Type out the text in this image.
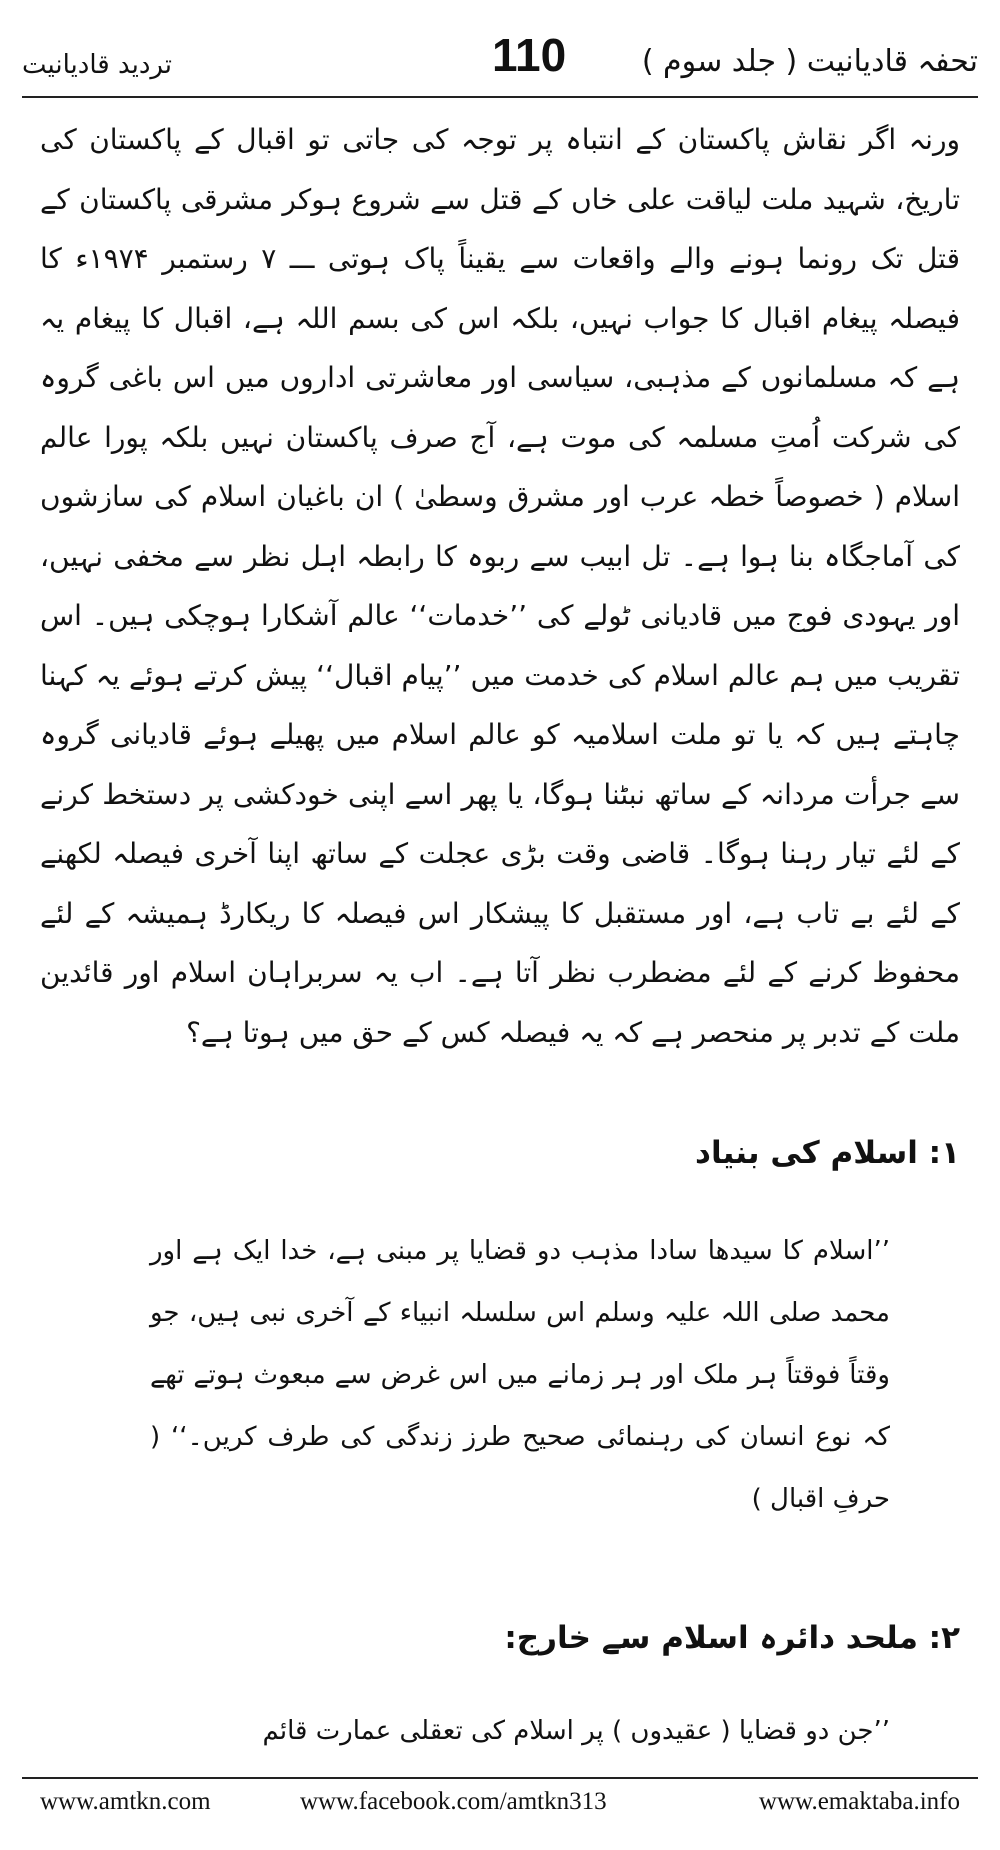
تحفہ قادیانیت ( جلد سوم )
110
تردید قادیانیت
ورنہ اگر نقاش پاکستان کے انتباہ پر توجہ کی جاتی تو اقبال کے پاکستان کی تاریخ، شہید ملت لیاقت علی خاں کے قتل سے شروع ہوکر مشرقی پاکستان کے قتل تک رونما ہونے والے واقعات سے یقیناً پاک ہوتی ـــ ۷ رستمبر ۱۹۷۴ء کا فیصلہ پیغام اقبال کا جواب نہیں، بلکہ اس کی بسم اللہ ہے، اقبال کا پیغام یہ ہے کہ مسلمانوں کے مذہبی، سیاسی اور معاشرتی اداروں میں اس باغی گروہ کی شرکت اُمتِ مسلمہ کی موت ہے، آج صرف پاکستان نہیں بلکہ پورا عالم اسلام ( خصوصاً خطہ عرب اور مشرق وسطیٰ ) ان باغیان اسلام کی سازشوں کی آماجگاہ بنا ہوا ہے۔ تل ابیب سے ربوہ کا رابطہ اہل نظر سے مخفی نہیں، اور یہودی فوج میں قادیانی ٹولے کی ’’خدمات‘‘ عالم آشکارا ہوچکی ہیں۔ اس تقریب میں ہم عالم اسلام کی خدمت میں ’’پیام اقبال‘‘ پیش کرتے ہوئے یہ کہنا چاہتے ہیں کہ یا تو ملت اسلامیہ کو عالم اسلام میں پھیلے ہوئے قادیانی گروہ سے جرأت مردانہ کے ساتھ نبٹنا ہوگا، یا پھر اسے اپنی خودکشی پر دستخط کرنے کے لئے تیار رہنا ہوگا۔ قاضی وقت بڑی عجلت کے ساتھ اپنا آخری فیصلہ لکھنے کے لئے بے تاب ہے، اور مستقبل کا پیشکار اس فیصلہ کا ریکارڈ ہمیشہ کے لئے محفوظ کرنے کے لئے مضطرب نظر آتا ہے۔ اب یہ سربراہان اسلام اور قائدین ملت کے تدبر پر منحصر ہے کہ یہ فیصلہ کس کے حق میں ہوتا ہے؟
۱: اسلام کی بنیاد
’’اسلام کا سیدھا سادا مذہب دو قضایا پر مبنی ہے، خدا ایک ہے اور محمد صلی اللہ علیہ وسلم اس سلسلہ انبیاء کے آخری نبی ہیں، جو وقتاً فوقتاً ہر ملک اور ہر زمانے میں اس غرض سے مبعوث ہوتے تھے کہ نوع انسان کی رہنمائی صحیح طرز زندگی کی طرف کریں۔‘‘ ( حرفِ اقبال )
۲: ملحد دائرہ اسلام سے خارج:
’’جن دو قضایا ( عقیدوں ) پر اسلام کی تعقلی عمارت قائم
www.amtkn.com	www.facebook.com/amtkn313	www.emaktaba.info
